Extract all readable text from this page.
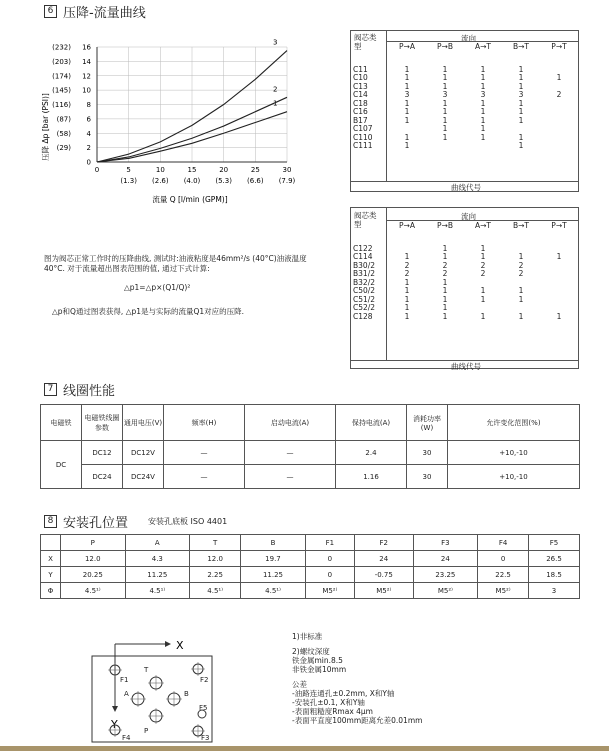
6 压降-流量曲线
压降 Δp [bar (PSI)]
16
(232)
14
(203)
12
(174)
10
(145)
8
(116)
6
(87)
4
(58)
2
(29)
0
0	5
(1.3)
10
(2.6)
15
(4.0)
20
(5.3)
25
(6.6)
30
(7.9)
1
2
3
流量 Q [l/min (GPM)]
图为阀芯正常工作时的压降曲线, 测试时:油液粘度是46mm²/s (40°C)油液温度40°C. 对于流量超出图表范围的值, 通过下式计算:
△p1=△p×(Q1/Q)²
△p和Q通过图表获得, △p1是与实际的流量Q1对应的压降.
阀芯类型
流向
曲线代号
	P→A	P→B	A→T	B→T	P→T

C11	1	1	1	1	
C10	1	1	1	1	1
C13	1	1	1	1	
C14	3	3	3	3	2
C18	1	1	1	1	
C16	1	1	1	1	
B17	1	1	1	1	
C107		1	1		
C110	1	1	1	1	
C111	1			1	
阀芯类型
流向
曲线代号
	P→A	P→B	A→T	B→T	P→T

C122		1	1		
C114	1	1	1	1	1
B30/2	2	2	2	2	
B31/2	2	2	2	2	
B32/2	1	1			
C50/2	1	1	1	1	
C51/2	1	1	1	1	
C52/2	1	1			
C128	1	1	1	1	1
7 线圈性能
电磁铁	电磁铁线圈参数	通用电压(V)	频率(H)	启动电流(A)	保持电流(A)	消耗功率(W)	允许变化范围(%)
DC	DC12	DC12V	—	—	2.4	30	+10,-10
	DC24	DC24V	—	—	1.16	30	+10,-10
8 安装孔位置	安装孔底板 ISO 4401
	P	A	T	B	F1	F2	F3	F4	F5
X	12.0	4.3	12.0	19.7	0	24	24	0	26.5
Y	20.25	11.25	2.25	11.25	0	-0.75	23.25	22.5	18.5
Φ	4.5¹⁾	4.5¹⁾	4.5¹⁾	4.5¹⁾	M5²⁾	M5²⁾	M5²⁾	M5²⁾	3
X
Y
T
A	B
P
F1	F2
F3
F4
F5
1)非标准
2)螺纹深度
铁金属min.8.5
非铁金属10mm
公差
-油路连通孔±0.2mm, X和Y轴
-安装孔±0.1, X和Y轴
-表面粗糙度Rmax 4μm
-表面平直度100mm距离允差0.01mm
